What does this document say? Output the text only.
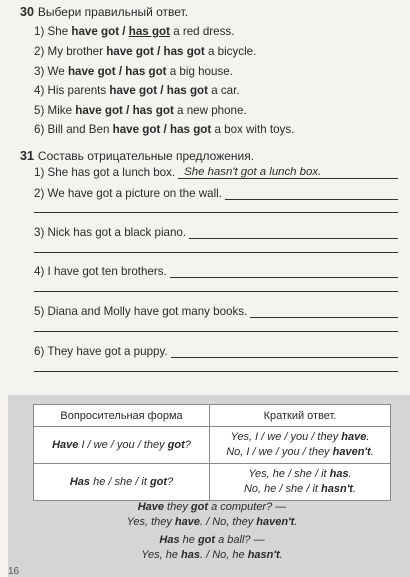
30 Выбери правильный ответ.
1) She have got / has got a red dress.
2) My brother have got / has got a bicycle.
3) We have got / has got a big house.
4) His parents have got / has got a car.
5) Mike have got / has got a new phone.
6) Bill and Ben have got / has got a box with toys.
31 Составь отрицательные предложения.
1) She has got a lunch box. She hasn't got a lunch box.
2) We have got a picture on the wall.
3) Nick has got a black piano.
4) I have got ten brothers.
5) Diana and Molly have got many books.
6) They have got a puppy.
Вопросительная форма	Краткий ответ.
Have I / we / you / they got?	Yes, I / we / you / they have.
No, I / we / you / they haven't.
Has he / she / it got?	Yes, he / she / it has.
No, he / she / it hasn't.
Have they got a computer? —
Yes, they have. / No, they haven't.
Has he got a ball? —
Yes, he has. / No, he hasn't.
16
